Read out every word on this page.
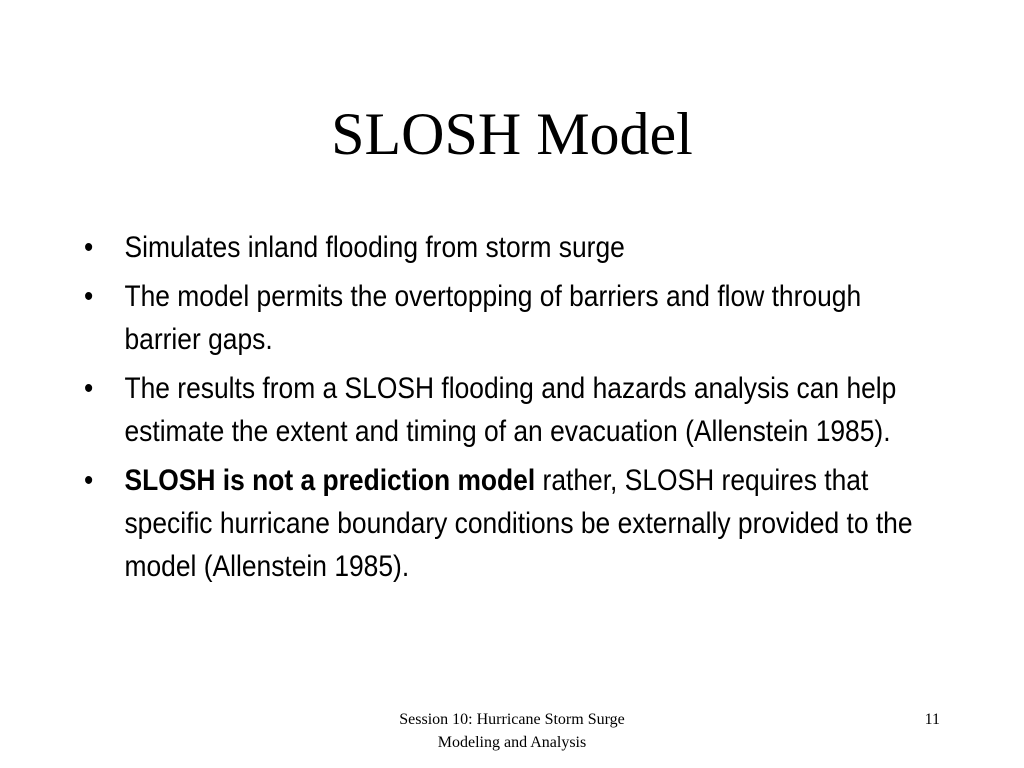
SLOSH Model
• Simulates inland flooding from storm surge
• The model permits the overtopping of barriers and flow through barrier gaps.
• The results from a SLOSH flooding and hazards analysis can help estimate the extent and timing of an evacuation (Allenstein 1985).
• SLOSH is not a prediction model rather, SLOSH requires that specific hurricane boundary conditions be externally provided to the model (Allenstein 1985).
Session 10: Hurricane Storm Surge
Modeling and Analysis
11
